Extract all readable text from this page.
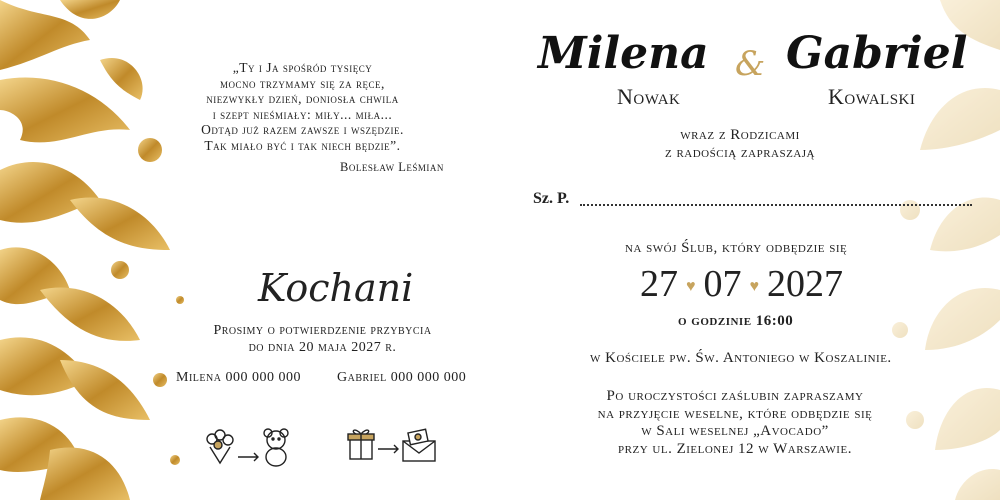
„Ty i Ja spośród tysięcy
mocno trzymamy się za ręce,
niezwykły dzień, doniosła chwila
i szept nieśmiały: miły... miła...
Odtąd już razem zawsze i wszędzie.
Tak miało być i tak niech będzie”.
Bolesław Leśmian
Kochani
Prosimy o potwierdzenie przybycia
do dnia 20 maja 2027 r.
Milena 000 000 000	Gabriel 000 000 000
Milena
Nowak
& Gabriel
Kowalski
wraz z Rodzicami
z radością zapraszają
Sz. P.
na swój Ślub, który odbędzie się
27 ♥ 07 ♥ 2027
o godzinie 16:00
w Kościele pw. Św. Antoniego w Koszalinie.
Po uroczystości zaślubin zapraszamy
na przyjęcie weselne, które odbędzie się
w Sali weselnej „Avocado”
przy ul. Zielonej 12 w Warszawie.
